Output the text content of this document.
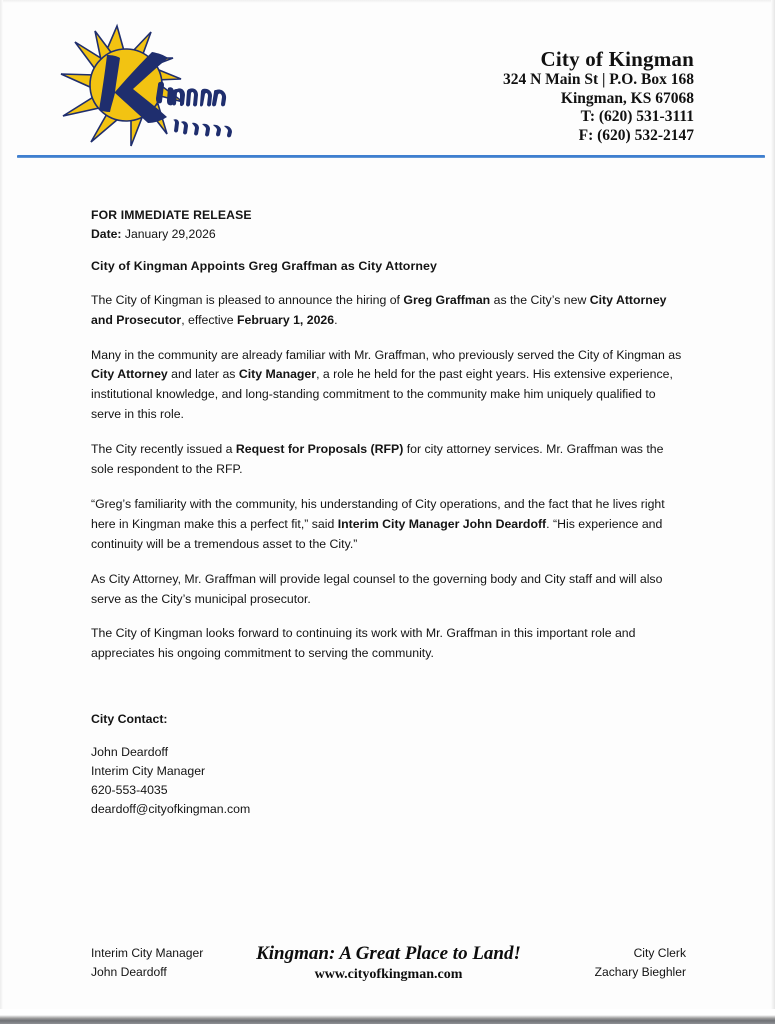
City of Kingman
324 N Main St | P.O. Box 168
Kingman, KS 67068
T: (620) 531-3111
F: (620) 532-2147
FOR IMMEDIATE RELEASE
Date: January 29,2026
City of Kingman Appoints Greg Graffman as City Attorney
The City of Kingman is pleased to announce the hiring of Greg Graffman as the City’s new City Attorney and Prosecutor, effective February 1, 2026.
Many in the community are already familiar with Mr. Graffman, who previously served the City of Kingman as City Attorney and later as City Manager, a role he held for the past eight years. His extensive experience, institutional knowledge, and long-standing commitment to the community make him uniquely qualified to serve in this role.
The City recently issued a Request for Proposals (RFP) for city attorney services. Mr. Graffman was the sole respondent to the RFP.
“Greg’s familiarity with the community, his understanding of City operations, and the fact that he lives right here in Kingman make this a perfect fit,” said Interim City Manager John Deardoff. “His experience and continuity will be a tremendous asset to the City.”
As City Attorney, Mr. Graffman will provide legal counsel to the governing body and City staff and will also serve as the City’s municipal prosecutor.
The City of Kingman looks forward to continuing its work with Mr. Graffman in this important role and appreciates his ongoing commitment to serving the community.
City Contact:
John Deardoff
Interim City Manager
620-553-4035
deardoff@cityofkingman.com
Interim City Manager
John Deardoff
Kingman: A Great Place to Land!
www.cityofkingman.com
City Clerk
Zachary Bieghler
